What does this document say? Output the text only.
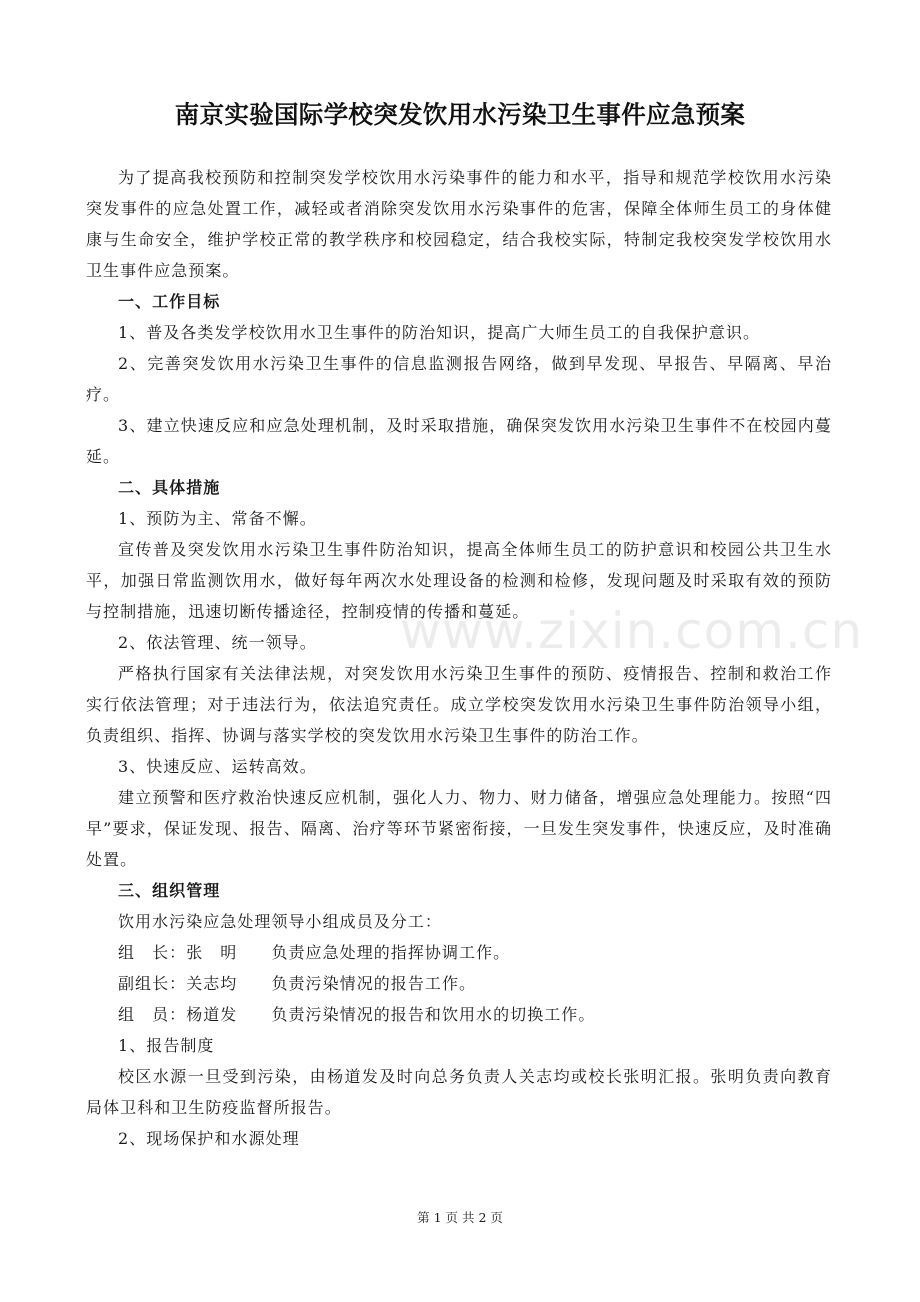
www.zixin.com.cn
南京实验国际学校突发饮用水污染卫生事件应急预案

为了提高我校预防和控制突发学校饮用水污染事件的能力和水平，指导和规范学校饮用水污染突发事件的应急处置工作，减轻或者消除突发饮用水污染事件的危害，保障全体师生员工的身体健康与生命安全，维护学校正常的教学秩序和校园稳定，结合我校实际，特制定我校突发学校饮用水卫生事件应急预案。

一、工作目标

1、普及各类发学校饮用水卫生事件的防治知识，提高广大师生员工的自我保护意识。

2、完善突发饮用水污染卫生事件的信息监测报告网络，做到早发现、早报告、早隔离、早治疗。

3、建立快速反应和应急处理机制，及时采取措施，确保突发饮用水污染卫生事件不在校园内蔓延。

二、具体措施

1、预防为主、常备不懈。

宣传普及突发饮用水污染卫生事件防治知识，提高全体师生员工的防护意识和校园公共卫生水平，加强日常监测饮用水，做好每年两次水处理设备的检测和检修，发现问题及时采取有效的预防与控制措施，迅速切断传播途径，控制疫情的传播和蔓延。

2、依法管理、统一领导。

严格执行国家有关法律法规，对突发饮用水污染卫生事件的预防、疫情报告、控制和救治工作实行依法管理；对于违法行为，依法追究责任。成立学校突发饮用水污染卫生事件防治领导小组，负责组织、指挥、协调与落实学校的突发饮用水污染卫生事件的防治工作。

3、快速反应、运转高效。

建立预警和医疗救治快速反应机制，强化人力、物力、财力储备，增强应急处理能力。按照“四早”要求，保证发现、报告、隔离、治疗等环节紧密衔接，一旦发生突发事件，快速反应，及时准确处置。

三、组织管理

饮用水污染应急处理领导小组成员及分工：

组　长：张　明　　负责应急处理的指挥协调工作。

副组长：关志均　　负责污染情况的报告工作。

组　员：杨道发　　负责污染情况的报告和饮用水的切换工作。

1、报告制度

校区水源一旦受到污染，由杨道发及时向总务负责人关志均或校长张明汇报。张明负责向教育局体卫科和卫生防疫监督所报告。

2、现场保护和水源处理

第 1 页 共 2 页
